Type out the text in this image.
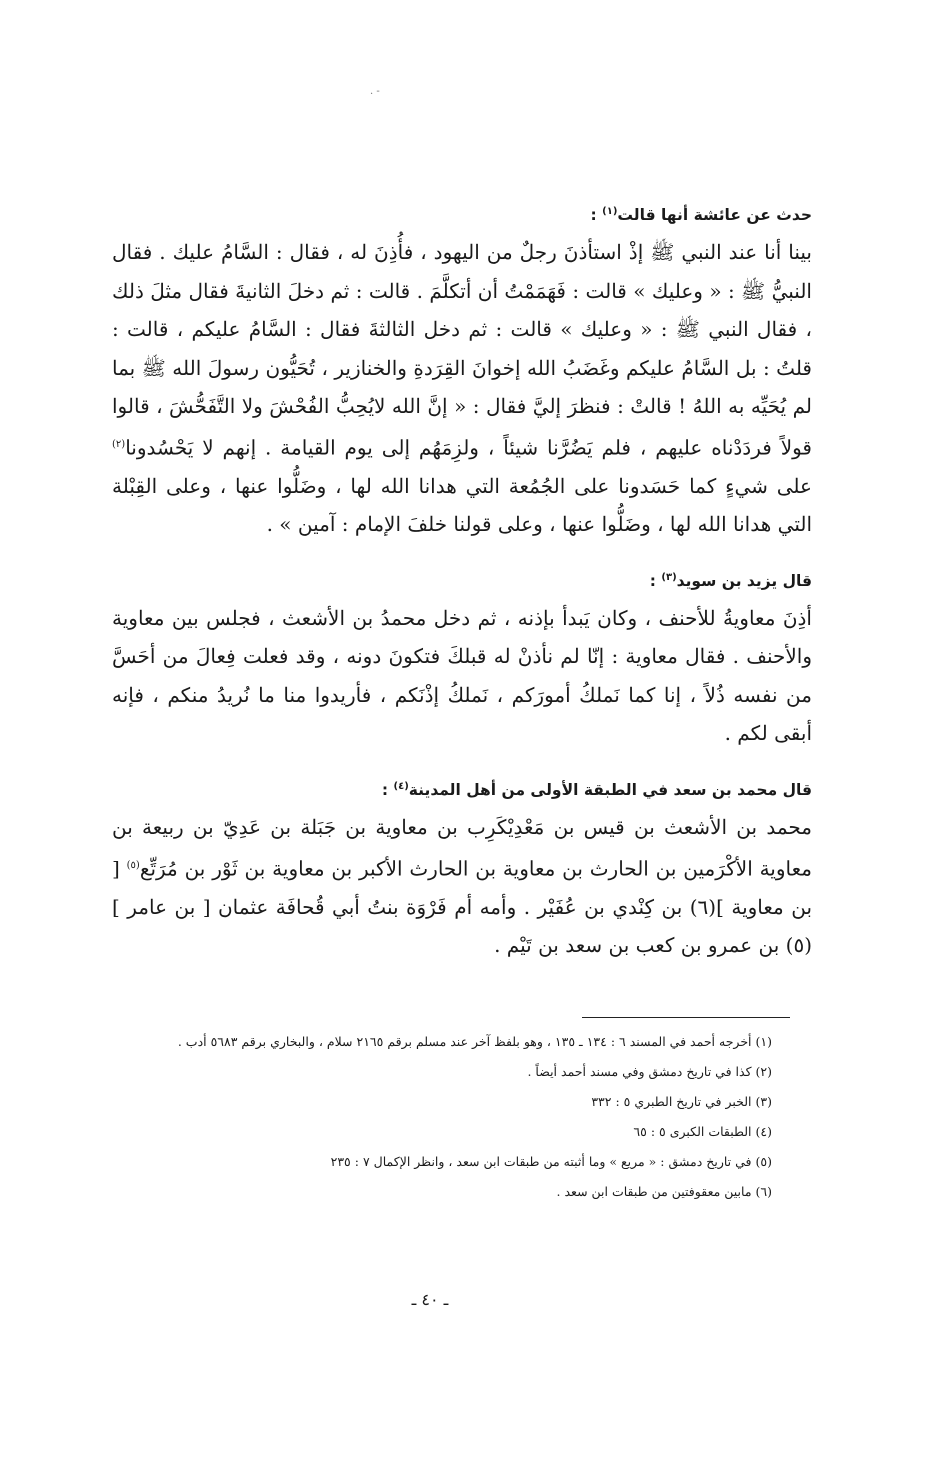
- .

حدث عن عائشة أنها قالت$^{(١)}$ :

بينا أنا عند النبي ﷺ إذْ استأذنَ رجلٌ من اليهود ، فأُذِنَ له ، فقال : السَّامُ عليك . فقال النبيُّ ﷺ : « وعليك » قالت : فَهَمَمْتُ أن أتكلَّمَ . قالت : ثم دخلَ الثانيةَ فقال مثلَ ذلك ، فقال النبي ﷺ : « وعليك » قالت : ثم دخل الثالثةَ فقال : السَّامُ عليكم ، قالت : قلتُ : بل السَّامُ عليكم وغَضَبُ الله إخوانَ القِرَدةِ والخنازير ، تُحَيُّون رسولَ الله ﷺ بما لم يُحَيِّه به اللهُ ! قالتْ : فنظرَ إليَّ فقال : « إنَّ الله لايُحِبُّ الفُحْشَ ولا التَّفَحُّشَ ، قالوا قولاً فردَدْناه عليهم ، فلم يَضُرَّنا شيئاً ، ولزِمَهُم إلى يوم القيامة . إنهم لا يَحْسُدونا$^{(٢)}$ على شيءٍ كما حَسَدونا على الجُمُعة التي هدانا الله لها ، وضَلُّوا عنها ، وعلى القِبْلة التي هدانا الله لها ، وضَلُّوا عنها ، وعلى قولنا خلفَ الإمام : آمين » .

قال يزيد بن سويد$^{(٣)}$ :

أذِنَ معاويةُ للأحنف ، وكان يَبدأ بإذنه ، ثم دخل محمدُ بن الأشعث ، فجلس بين معاوية والأحنف . فقال معاوية : إنّا لم نأذنْ له قبلكَ فتكونَ دونه ، وقد فعلت فِعالَ من أحَسَّ من نفسه ذُلاً ، إنا كما نَملكُ أمورَكم ، نَملكُ إذْنَكم ، فأريدوا منا ما نُريدُ منكم ، فإنه أبقى لكم .

قال محمد بن سعد في الطبقة الأولى من أهل المدينة$^{(٤)}$ :

محمد بن الأشعث بن قيس بن مَعْدِيْكَرِب بن معاوية بن جَبَلة بن عَدِيّ بن ربيعة بن معاوية الأكْرَمين بن الحارث بن معاوية بن الحارث الأكبر بن معاوية بن ثَوْر بن مُرَتِّع$^{(٥)}$ [ بن معاوية ](٦) بن كِنْدي بن عُفَيْر . وأمه أم فَرْوَة بنتُ أبي قُحافَة عثمان [ بن عامر ](٥) بن عمرو بن كعب بن سعد بن تَيْم .

(١) أخرجه أحمد في المسند ٦ : ١٣٤ ـ ١٣٥ ، وهو بلفظ آخر عند مسلم برقم ٢١٦٥ سلام ، والبخاري برقم ٥٦٨٣ أدب .

(٢) كذا في تاريخ دمشق وفي مسند أحمد أيضاً .

(٣) الخبر في تاريخ الطبري ٥ : ٣٣٢

(٤) الطبقات الكبرى ٥ : ٦٥

(٥) في تاريخ دمشق : « مريع » وما أثبته من طبقات ابن سعد ، وانظر الإكمال ٧ : ٢٣٥

(٦) مابين معقوفتين من طبقات ابن سعد .

ـ ٤٠ ـ
